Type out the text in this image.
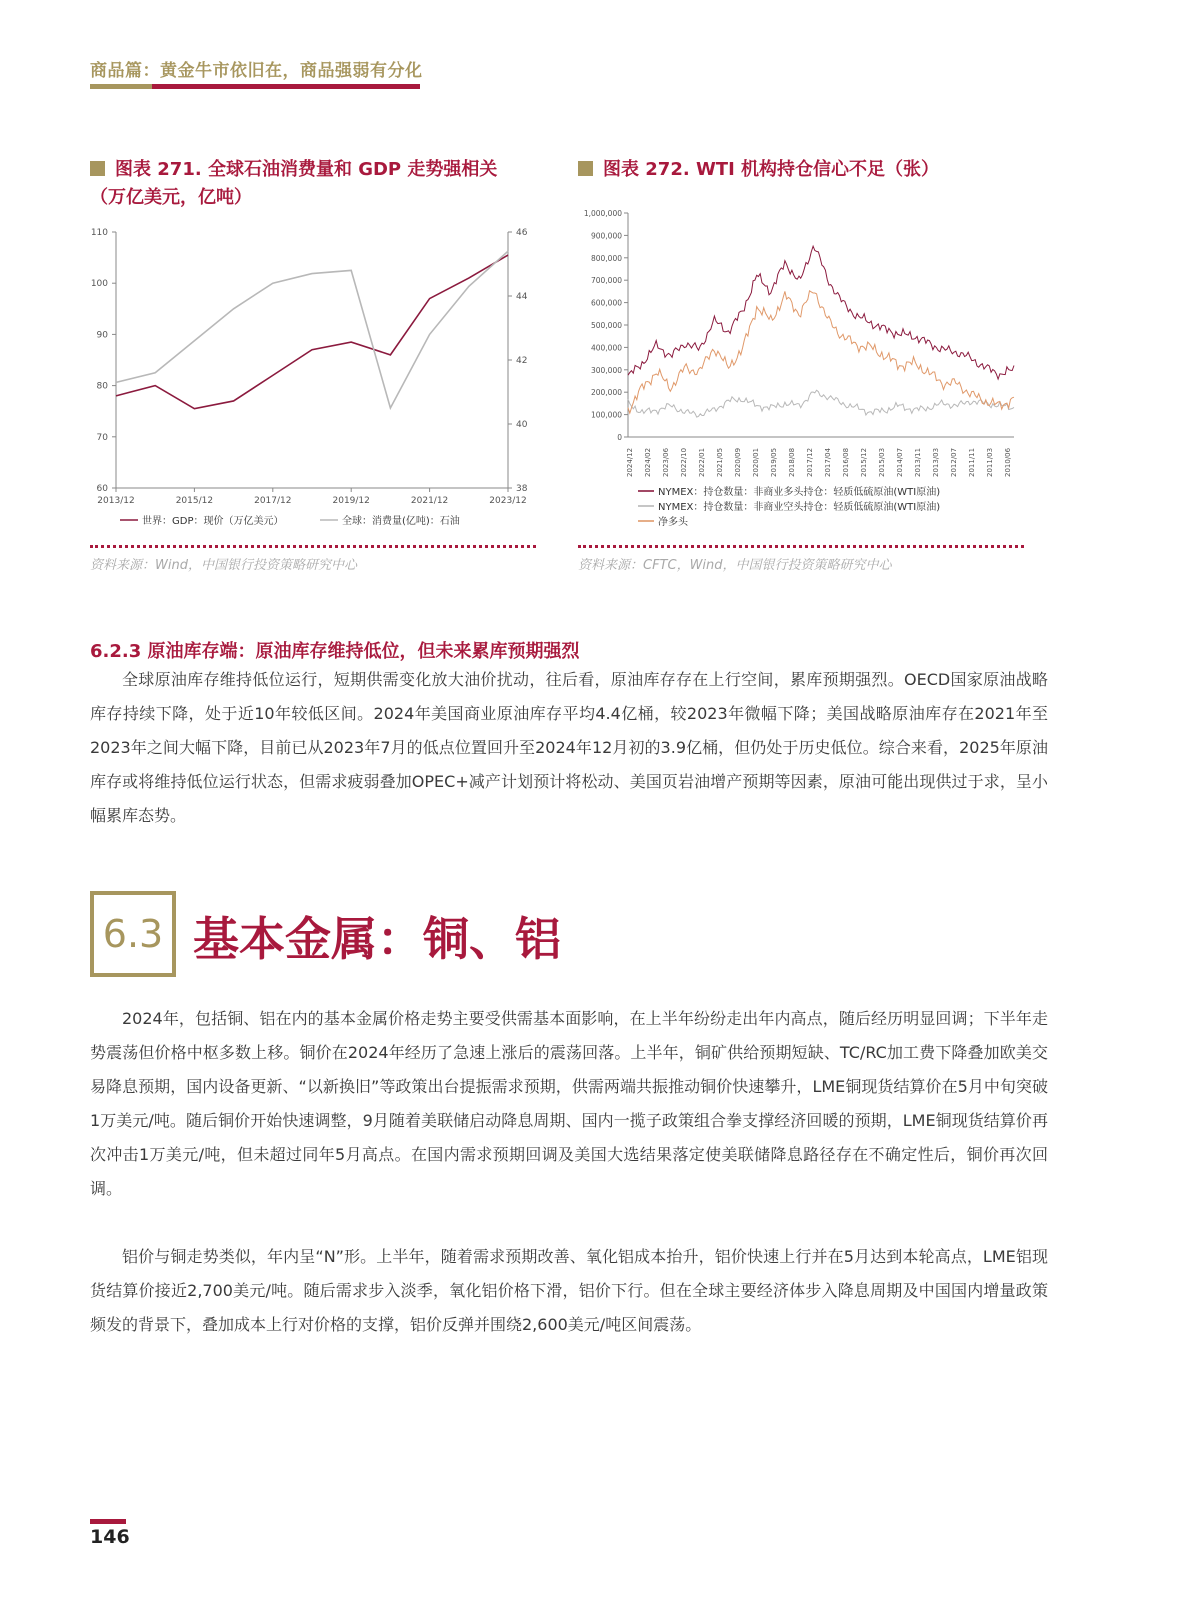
商品篇：黄金牛市依旧在，商品强弱有分化
图表 271. 全球石油消费量和 GDP 走势强相关
（万亿美元，亿吨）
图表 272. WTI 机构持仓信心不足（张）
60
70
80
90
100
110
38
40
42
44
46
2013/12	2015/12	2017/12	2019/12	2021/12	2023/12
世界：GDP：现价（万亿美元）	全球：消费量(亿吨)：石油
0
100,000
200,000
300,000
400,000
500,000
600,000
700,000
800,000
900,000
1,000,000
2024/12 2024/02 2023/06 2022/10 2022/01 2021/05 2020/09 2020/01 2019/05 2018/08 2017/12 2017/04 2016/08 2015/12 2015/03 2014/07 2013/11 2013/03 2012/07 2011/11 2011/03 2010/06
NYMEX：持仓数量：非商业多头持仓：轻质低硫原油(WTI原油)
NYMEX：持仓数量：非商业空头持仓：轻质低硫原油(WTI原油)
净多头
资料来源：Wind，中国银行投资策略研究中心	资料来源：CFTC，Wind，中国银行投资策略研究中心
6.2.3 原油库存端：原油库存维持低位，但未来累库预期强烈
全球原油库存维持低位运行，短期供需变化放大油价扰动，往后看，原油库存存在上行空间，累库预期强烈。OECD国家原油战略库存持续下降，处于近10年较低区间。2024年美国商业原油库存平均4.4亿桶，较2023年微幅下降；美国战略原油库存在2021年至2023年之间大幅下降，目前已从2023年7月的低点位置回升至2024年12月初的3.9亿桶，但仍处于历史低位。综合来看，2025年原油库存或将维持低位运行状态，但需求疲弱叠加OPEC+减产计划预计将松动、美国页岩油增产预期等因素，原油可能出现供过于求，呈小幅累库态势。
6.3 基本金属：铜、铝
2024年，包括铜、铝在内的基本金属价格走势主要受供需基本面影响，在上半年纷纷走出年内高点，随后经历明显回调；下半年走势震荡但价格中枢多数上移。铜价在2024年经历了急速上涨后的震荡回落。上半年，铜矿供给预期短缺、TC/RC加工费下降叠加欧美交易降息预期，国内设备更新、“以新换旧”等政策出台提振需求预期，供需两端共振推动铜价快速攀升，LME铜现货结算价在5月中旬突破1万美元/吨。随后铜价开始快速调整，9月随着美联储启动降息周期、国内一揽子政策组合拳支撑经济回暖的预期，LME铜现货结算价再次冲击1万美元/吨，但未超过同年5月高点。在国内需求预期回调及美国大选结果落定使美联储降息路径存在不确定性后，铜价再次回调。
铝价与铜走势类似，年内呈“N”形。上半年，随着需求预期改善、氧化铝成本抬升，铝价快速上行并在5月达到本轮高点，LME铝现货结算价接近2,700美元/吨。随后需求步入淡季，氧化铝价格下滑，铝价下行。但在全球主要经济体步入降息周期及中国国内增量政策频发的背景下，叠加成本上行对价格的支撑，铝价反弹并围绕2,600美元/吨区间震荡。
146
